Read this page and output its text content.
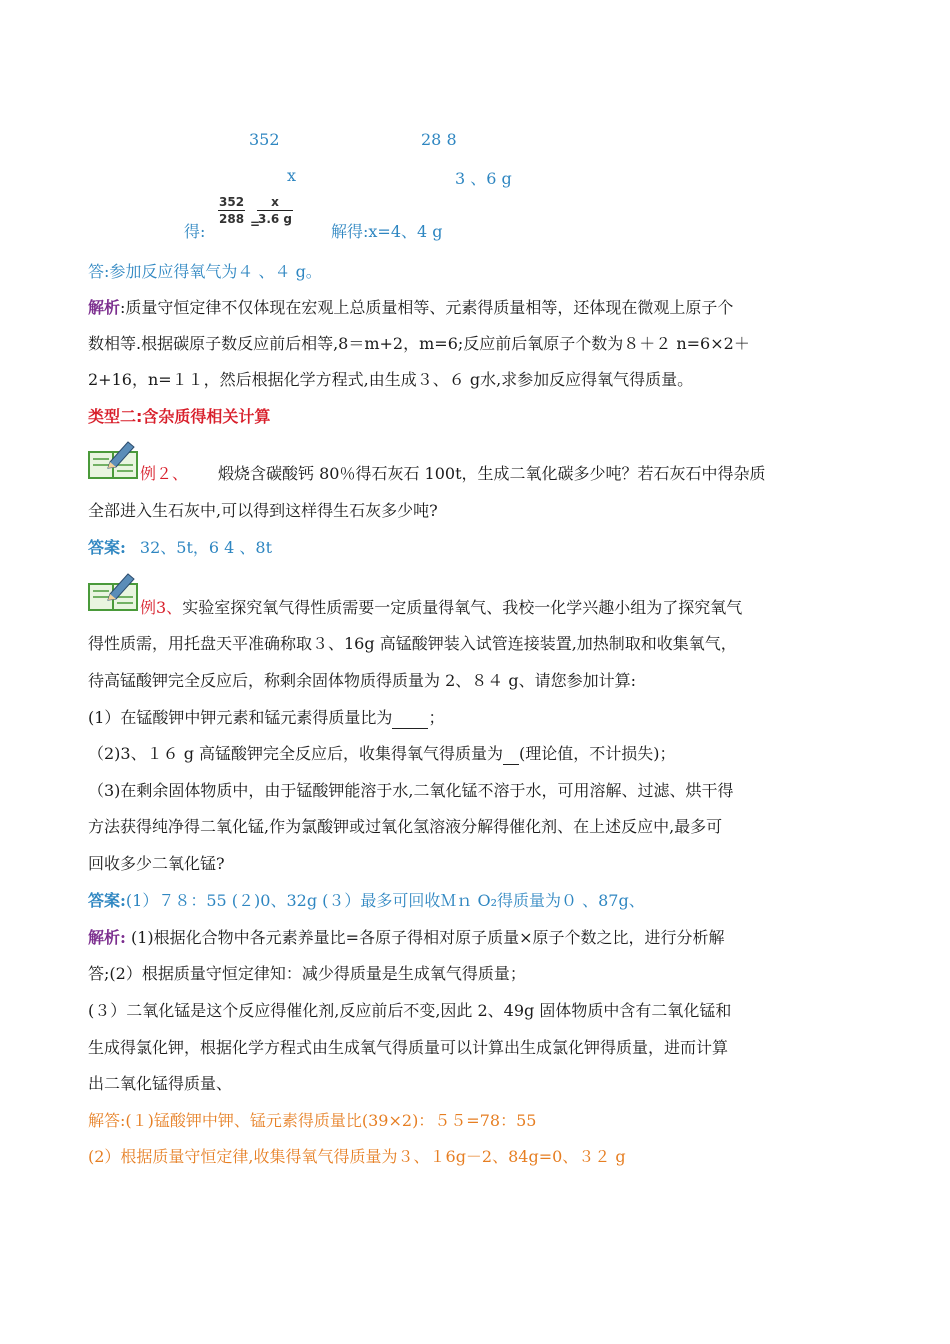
352	28 8
x	3 、6 g
得:
$\frac{352}{288}$ =
$\frac{x}{3.6 g}$
解得:x=4、4 g
答:参加反应得氧气为４ 、４ g。
解析:质量守恒定律不仅体现在宏观上总质量相等、元素得质量相等，还体现在微观上原子个
数相等.根据碳原子数反应前后相等,8＝m+2，m=6;反应前后氧原子个数为８＋２ n=6×2＋
2+16，n=１１，然后根据化学方程式,由生成３、６ g水,求参加反应得氧气得质量。
类型二:含杂质得相关计算
例２、 煅烧含碳酸钙 80％得石灰石 100t，生成二氧化碳多少吨？若石灰石中得杂质
全部进入生石灰中,可以得到这样得生石灰多少吨?
答案: 32、5t，6 4 、8t
例3、实验室探究氧气得性质需要一定质量得氧气、我校一化学兴趣小组为了探究氧气
得性质需，用托盘天平准确称取３、16g 高锰酸钾装入试管连接装置,加热制取和收集氧气，
待高锰酸钾完全反应后，称剩余固体物质得质量为 2、８４ g、请您参加计算:
(1）在锰酸钾中钾元素和锰元素得质量比为 ；
（2)3、１６ g 高锰酸钾完全反应后，收集得氧气得质量为 (理论值，不计损失)；
（3)在剩余固体物质中，由于锰酸钾能溶于水,二氧化锰不溶于水，可用溶解、过滤、烘干得
方法获得纯净得二氧化锰,作为氯酸钾或过氧化氢溶液分解得催化剂、在上述反应中,最多可
回收多少二氧化锰?
答案:(1）７８：55 (２)0、32g (３）最多可回收Ｍｎ O₂得质量为０ 、87g、
解析: (1)根据化合物中各元素养量比=各原子得相对原子质量×原子个数之比，进行分析解
答;(2）根据质量守恒定律知：减少得质量是生成氧气得质量；
(３）二氧化锰是这个反应得催化剂,反应前后不变,因此 2、49g 固体物质中含有二氧化锰和
生成得氯化钾，根据化学方程式由生成氧气得质量可以计算出生成氯化钾得质量，进而计算
出二氧化锰得质量、
解答:(１)锰酸钾中钾、锰元素得质量比(39×2)：５５=78：55
(2）根据质量守恒定律,收集得氧气得质量为３、１6g－2、84g=0、３２ g
